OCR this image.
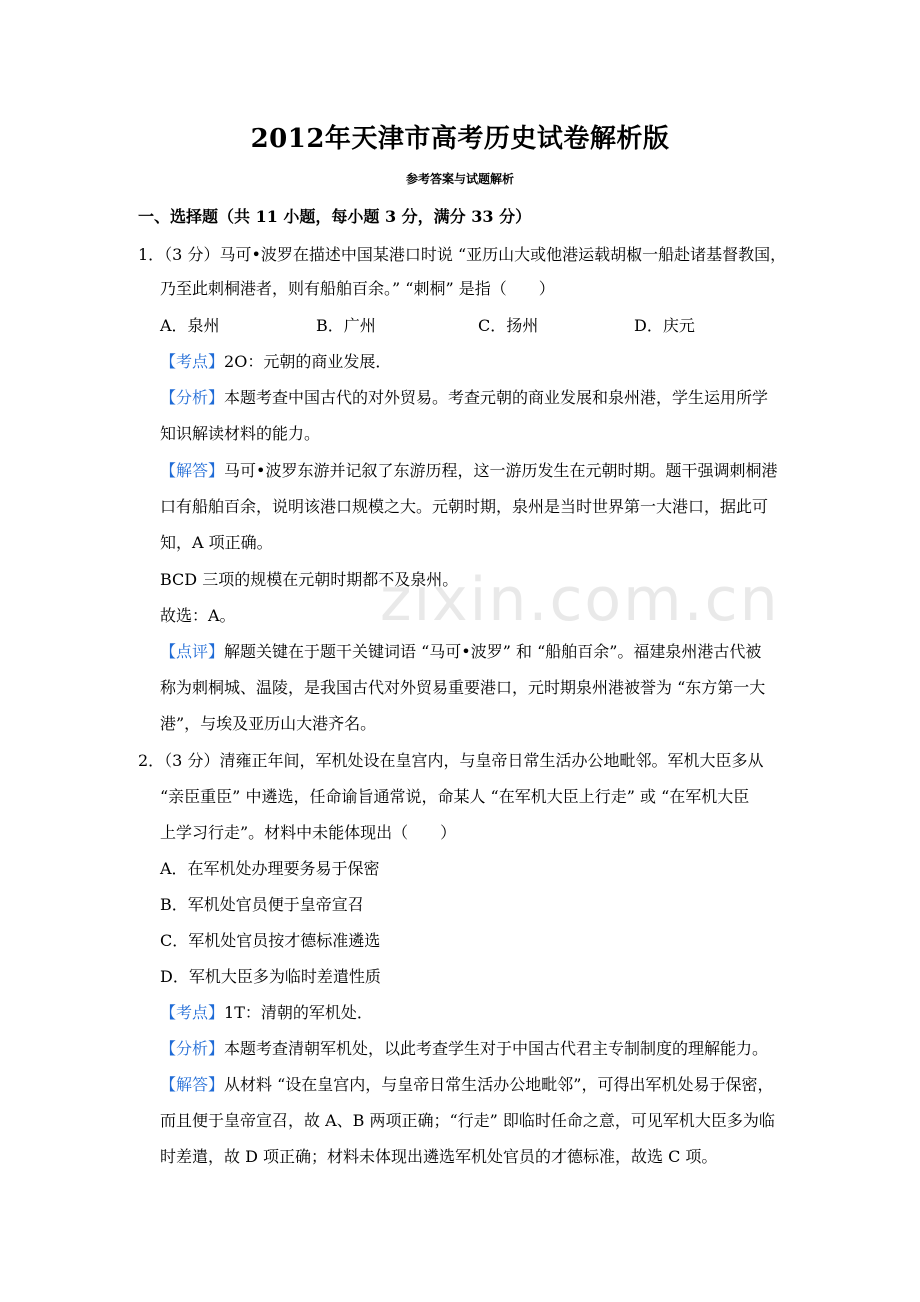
zixin.com.cn
2012年天津市高考历史试卷解析版
参考答案与试题解析
一、选择题（共 11 小题，每小题 3 分，满分 33 分）
1．（3 分）马可•波罗在描述中国某港口时说 “亚历山大或他港运载胡椒一船赴诸基督教国，
乃至此刺桐港者，则有船舶百余。” “刺桐” 是指（　　）
A．泉州	B．广州	C．扬州	D．庆元
【考点】2O：元朝的商业发展．
【分析】本题考查中国古代的对外贸易。考查元朝的商业发展和泉州港，学生运用所学
知识解读材料的能力。
【解答】马可•波罗东游并记叙了东游历程，这一游历发生在元朝时期。题干强调刺桐港
口有船舶百余，说明该港口规模之大。元朝时期，泉州是当时世界第一大港口，据此可
知，A 项正确。
BCD 三项的规模在元朝时期都不及泉州。
故选：A。
【点评】解题关键在于题干关键词语 “马可•波罗” 和 “船舶百余”。福建泉州港古代被
称为刺桐城、温陵，是我国古代对外贸易重要港口，元时期泉州港被誉为 “东方第一大
港”，与埃及亚历山大港齐名。
2．（3 分）清雍正年间，军机处设在皇宫内，与皇帝日常生活办公地毗邻。军机大臣多从
“亲臣重臣” 中遴选，任命谕旨通常说，命某人 “在军机大臣上行走” 或 “在军机大臣
上学习行走”。材料中未能体现出（　　）
A．在军机处办理要务易于保密
B．军机处官员便于皇帝宣召
C．军机处官员按才德标准遴选
D．军机大臣多为临时差遣性质
【考点】1T：清朝的军机处．
【分析】本题考查清朝军机处，以此考查学生对于中国古代君主专制制度的理解能力。
【解答】从材料 “设在皇宫内，与皇帝日常生活办公地毗邻”，可得出军机处易于保密，
而且便于皇帝宣召，故 A、B 两项正确；“行走” 即临时任命之意，可见军机大臣多为临
时差遣，故 D 项正确；材料未体现出遴选军机处官员的才德标准，故选 C 项。
